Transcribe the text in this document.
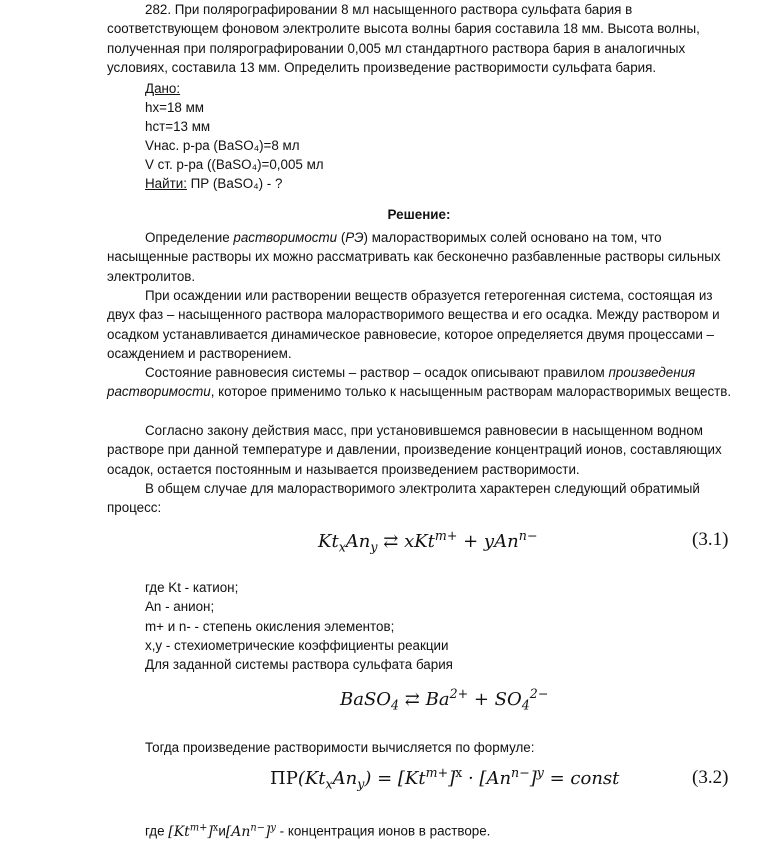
282. При полярографировании 8 мл насыщенного раствора сульфата бария в соответствующем фоновом электролите высота волны бария составила 18 мм. Высота волны, полученная при полярографировании 0,005 мл стандартного раствора бария в аналогичных условиях, составила 13 мм. Определить произведение растворимости сульфата бария.

Дано:
hx=18 мм
hст=13 мм
Vнас. р-ра (BaSO₄)=8 мл
V ст. р-ра ((BaSO₄)=0,005 мл
Найти: ПР (BaSO₄) - ?
Решение:

Определение растворимости (РЭ) малорастворимых солей основано на том, что насыщенные растворы их можно рассматривать как бесконечно разбавленные растворы сильных электролитов.

При осаждении или растворении веществ образуется гетерогенная система, состоящая из двух фаз – насыщенного раствора малорастворимого вещества и его осадка. Между раствором и осадком устанавливается динамическое равновесие, которое определяется двумя процессами – осаждением и растворением.

Состояние равновесия системы – раствор – осадок описывают правилом произведения растворимости, которое применимо только к насыщенным растворам малорастворимых веществ.

Согласно закону действия масс, при установившемся равновесии в насыщенном водном растворе при данной температуре и давлении, произведение концентраций ионов, составляющих осадок, остается постоянным и называется произведением растворимости.

В общем случае для малорастворимого электролита характерен следующий обратимый процесс:

$Kt_xAn_y$ ⇄ xKt$^{m+}$ + yAn$^{n-}$	(3.1)
где Kt - катион;
An - анион;
m+ и n- - степень окисления элементов;
x,y - стехиометрические коэффициенты реакции
Для заданной системы раствора сульфата бария
BaSO$_4$ ⇄ $Ba^{2+} + SO_4^{2-}$
Тогда произведение растворимости вычисляется по формуле:
$ПР(Kt_xAn_y) = [Kt^{m+}]^x \cdot [An^{n-}]^y$ = const	(3.2)
где $[Kt^{m+}]^xи[An^{n-}]^y$ - концентрация ионов в растворе.
